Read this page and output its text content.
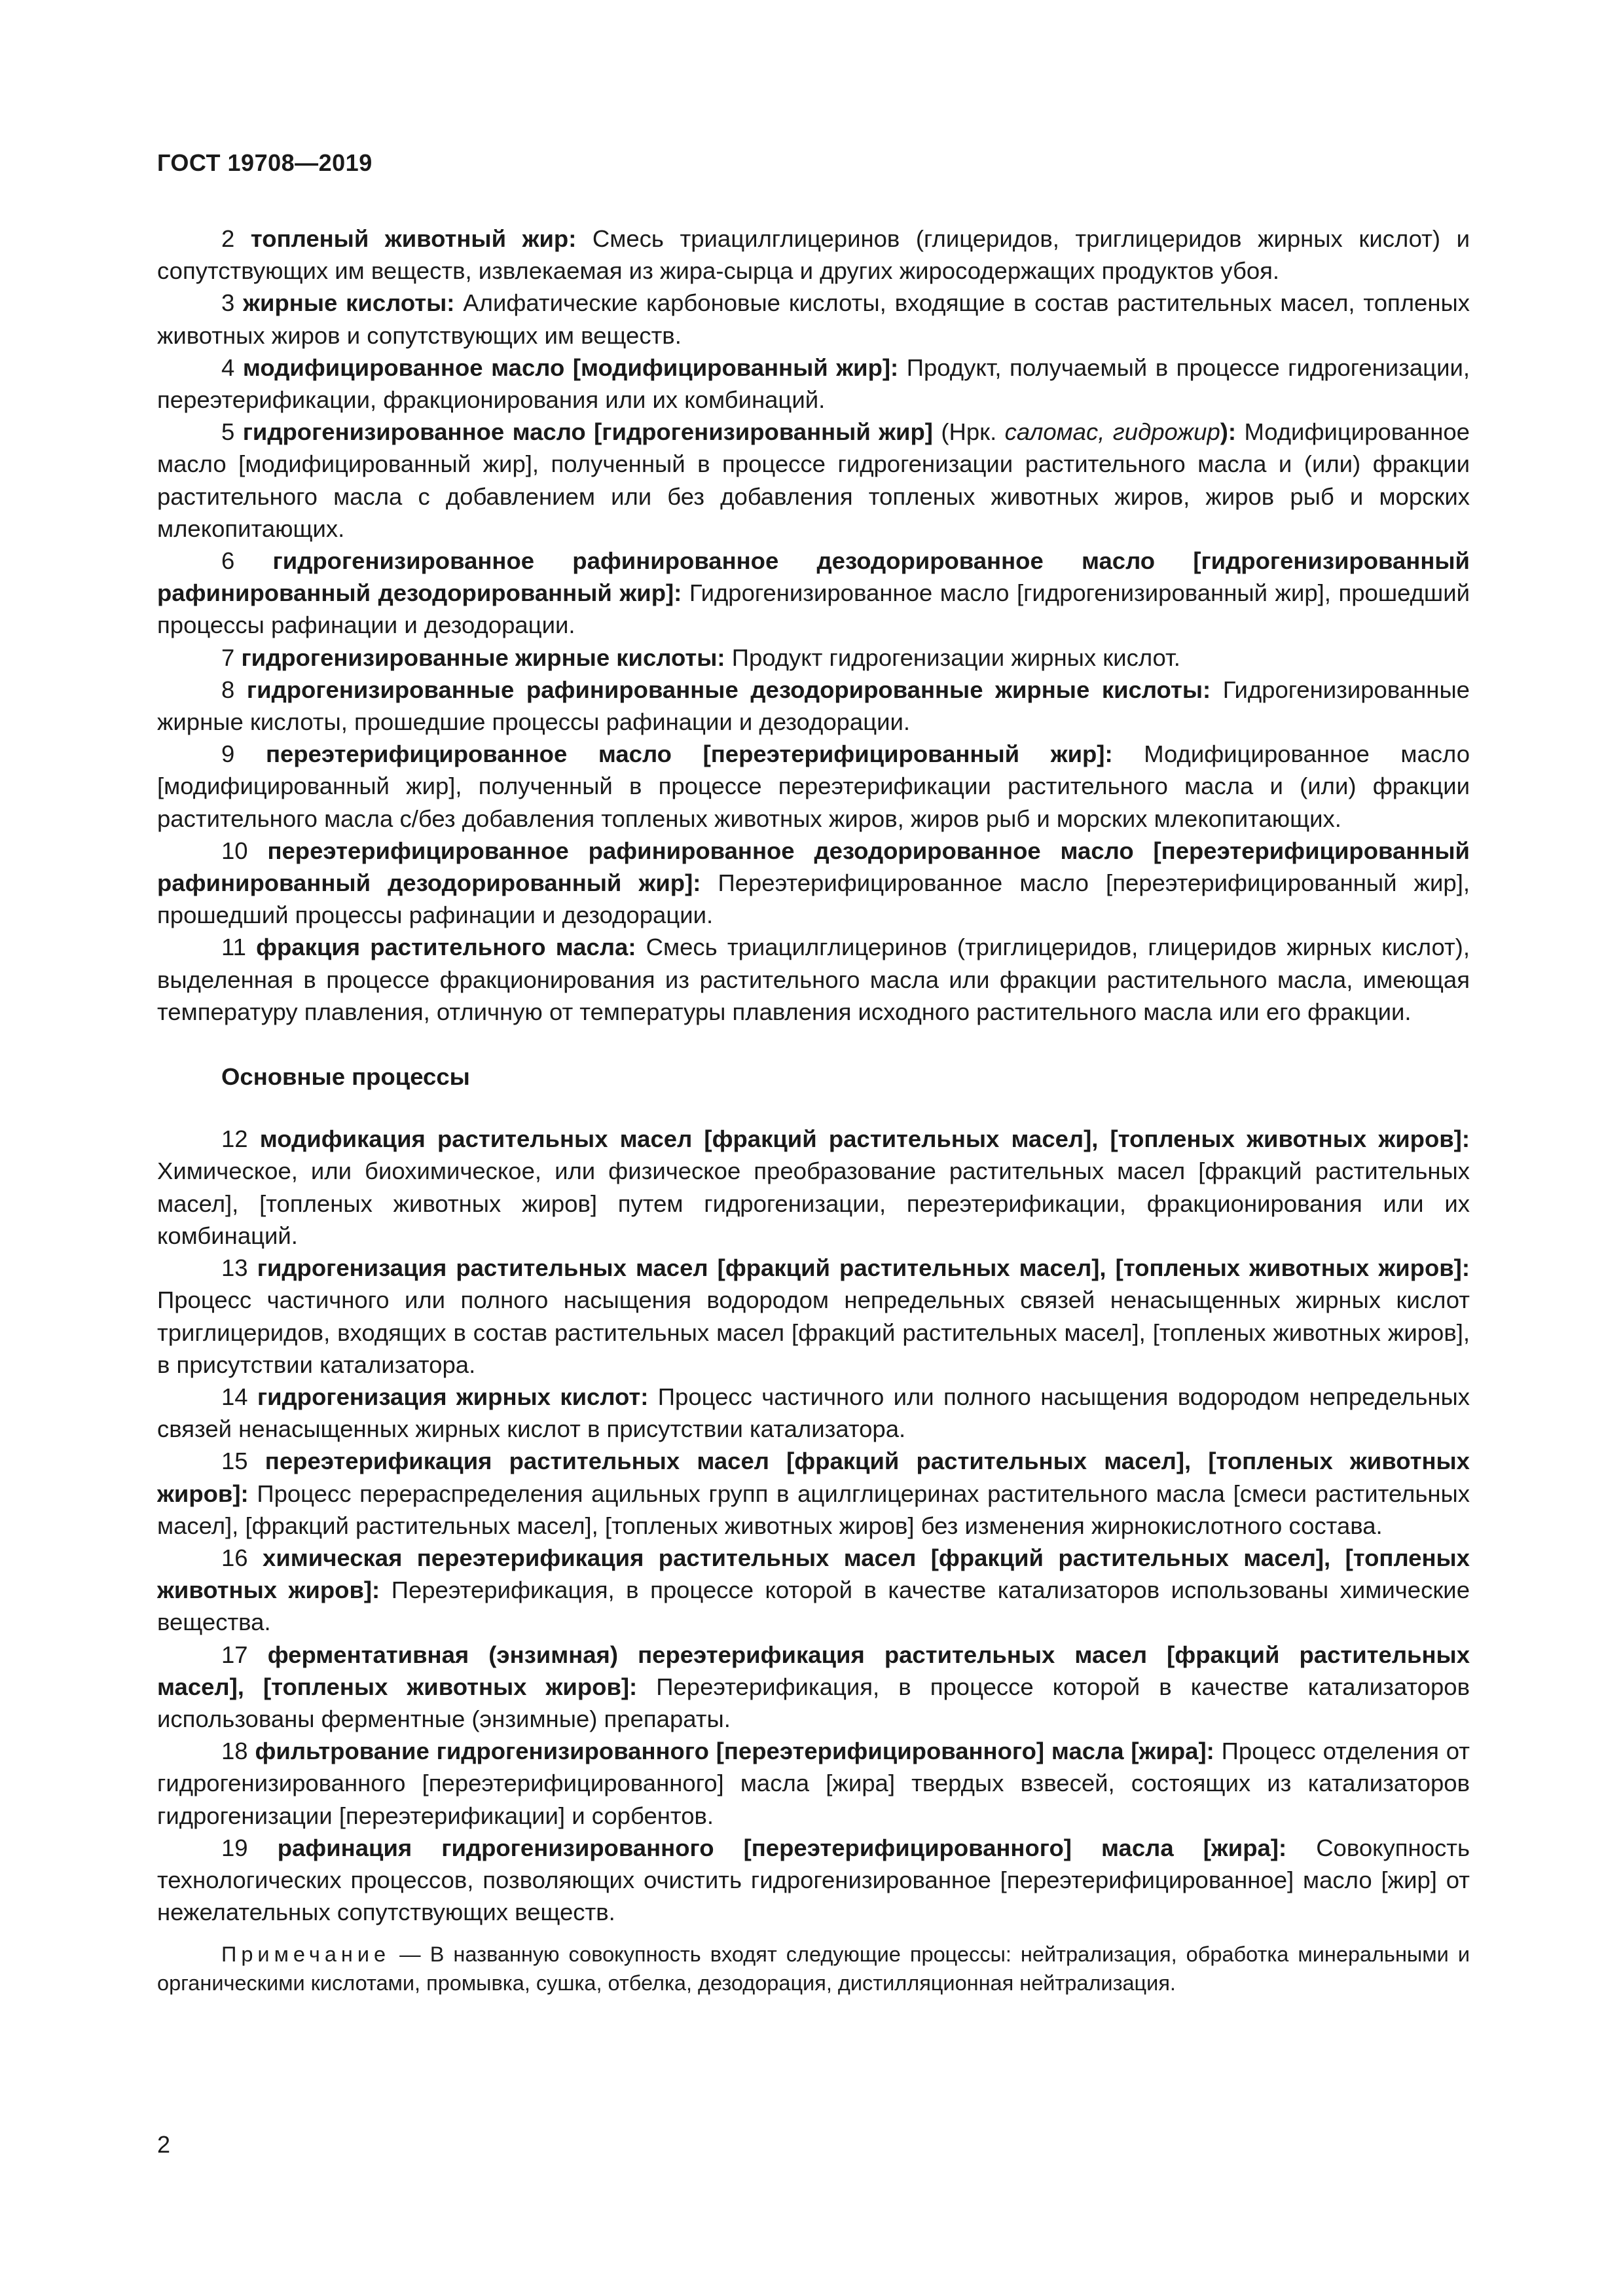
ГОСТ 19708—2019

2 топленый животный жир: Смесь триацилглицеринов (глицеридов, триглицеридов жирных кислот) и сопутствующих им веществ, извлекаемая из жира-сырца и других жиросодержащих продуктов убоя.

3 жирные кислоты: Алифатические карбоновые кислоты, входящие в состав растительных масел, топленых животных жиров и сопутствующих им веществ.

4 модифицированное масло [модифицированный жир]: Продукт, получаемый в процессе гидрогенизации, переэтерификации, фракционирования или их комбинаций.

5 гидрогенизированное масло [гидрогенизированный жир] (Нрк. саломас, гидрожир): Модифицированное масло [модифицированный жир], полученный в процессе гидрогенизации растительного масла и (или) фракции растительного масла с добавлением или без добавления топленых животных жиров, жиров рыб и морских млекопитающих.

6 гидрогенизированное рафинированное дезодорированное масло [гидрогенизированный рафинированный дезодорированный жир]: Гидрогенизированное масло [гидрогенизированный жир], прошедший процессы рафинации и дезодорации.

7 гидрогенизированные жирные кислоты: Продукт гидрогенизации жирных кислот.

8 гидрогенизированные рафинированные дезодорированные жирные кислоты: Гидрогенизированные жирные кислоты, прошедшие процессы рафинации и дезодорации.

9 переэтерифицированное масло [переэтерифицированный жир]: Модифицированное масло [модифицированный жир], полученный в процессе переэтерификации растительного масла и (или) фракции растительного масла с/без добавления топленых животных жиров, жиров рыб и морских млекопитающих.

10 переэтерифицированное рафинированное дезодорированное масло [переэтерифицированный рафинированный дезодорированный жир]: Переэтерифицированное масло [переэтерифицированный жир], прошедший процессы рафинации и дезодорации.

11 фракция растительного масла: Смесь триацилглицеринов (триглицеридов, глицеридов жирных кислот), выделенная в процессе фракционирования из растительного масла или фракции растительного масла, имеющая температуру плавления, отличную от температуры плавления исходного растительного масла или его фракции.

Основные процессы

12 модификация растительных масел [фракций растительных масел], [топленых животных жиров]: Химическое, или биохимическое, или физическое преобразование растительных масел [фракций растительных масел], [топленых животных жиров] путем гидрогенизации, переэтерификации, фракционирования или их комбинаций.

13 гидрогенизация растительных масел [фракций растительных масел], [топленых животных жиров]: Процесс частичного или полного насыщения водородом непредельных связей ненасыщенных жирных кислот триглицеридов, входящих в состав растительных масел [фракций растительных масел], [топленых животных жиров], в присутствии катализатора.

14 гидрогенизация жирных кислот: Процесс частичного или полного насыщения водородом непредельных связей ненасыщенных жирных кислот в присутствии катализатора.

15 переэтерификация растительных масел [фракций растительных масел], [топленых животных жиров]: Процесс перераспределения ацильных групп в ацилглицеринах растительного масла [смеси растительных масел], [фракций растительных масел], [топленых животных жиров] без изменения жирнокислотного состава.

16 химическая переэтерификация растительных масел [фракций растительных масел], [топленых животных жиров]: Переэтерификация, в процессе которой в качестве катализаторов использованы химические вещества.

17 ферментативная (энзимная) переэтерификация растительных масел [фракций растительных масел], [топленых животных жиров]: Переэтерификация, в процессе которой в качестве катализаторов использованы ферментные (энзимные) препараты.

18 фильтрование гидрогенизированного [переэтерифицированного] масла [жира]: Процесс отделения от гидрогенизированного [переэтерифицированного] масла [жира] твердых взвесей, состоящих из катализаторов гидрогенизации [переэтерификации] и сорбентов.

19 рафинация гидрогенизированного [переэтерифицированного] масла [жира]: Совокупность технологических процессов, позволяющих очистить гидрогенизированное [переэтерифицированное] масло [жир] от нежелательных сопутствующих веществ.

Примечание — В названную совокупность входят следующие процессы: нейтрализация, обработка минеральными и органическими кислотами, промывка, сушка, отбелка, дезодорация, дистилляционная нейтрализация.
2
